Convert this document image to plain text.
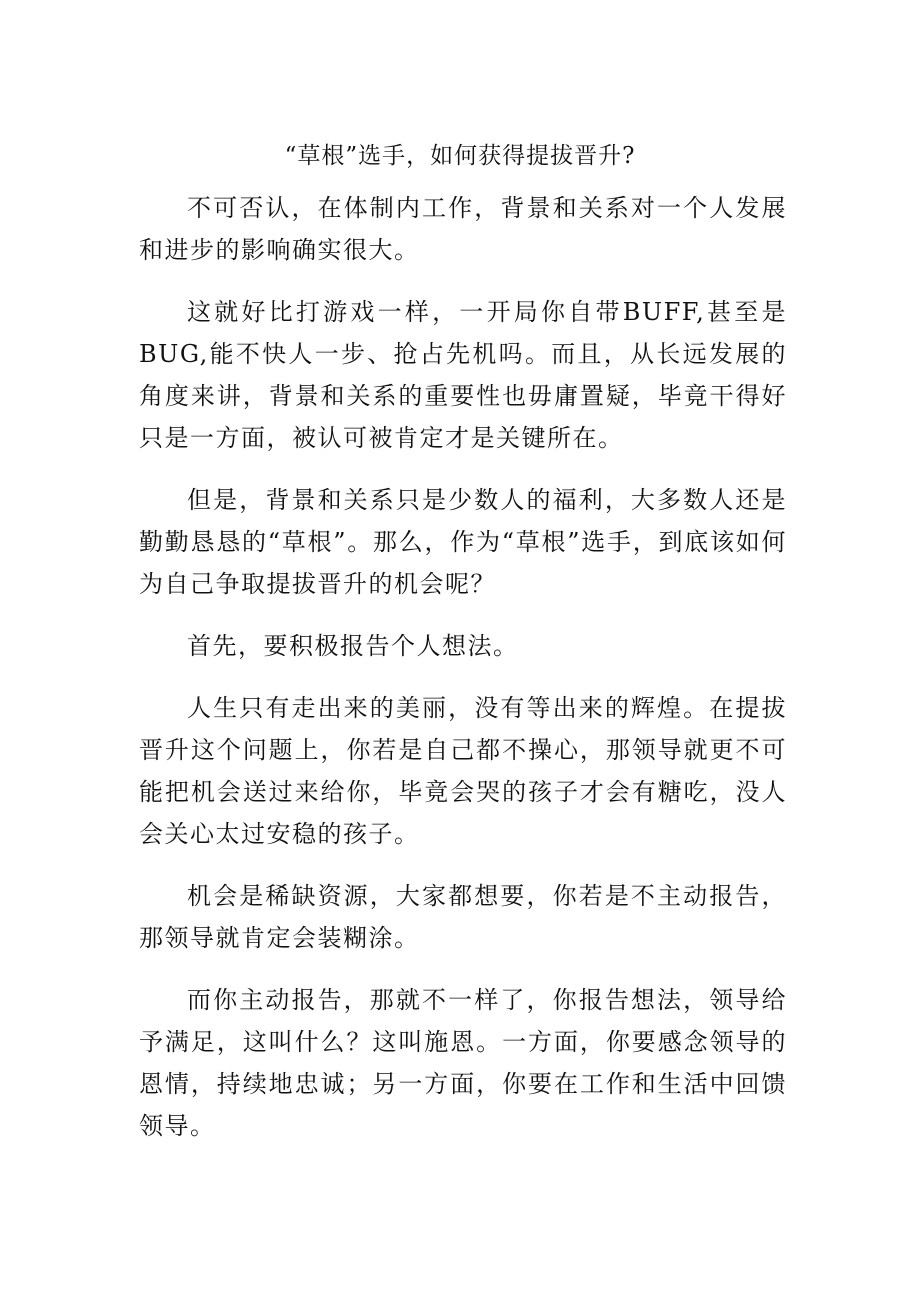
“草根”选手，如何获得提拔晋升?

不可否认，在体制内工作，背景和关系对一个人发展和进步的影响确实很大。

这就好比打游戏一样，一开局你自带BUFF,甚至是BUG,能不快人一步、抢占先机吗。而且，从长远发展的角度来讲，背景和关系的重要性也毋庸置疑，毕竟干得好只是一方面，被认可被肯定才是关键所在。

但是，背景和关系只是少数人的福利，大多数人还是勤勤恳恳的“草根”。那么，作为“草根”选手，到底该如何为自己争取提拔晋升的机会呢？

首先，要积极报告个人想法。

人生只有走出来的美丽，没有等出来的辉煌。在提拔晋升这个问题上，你若是自己都不操心，那领导就更不可能把机会送过来给你，毕竟会哭的孩子才会有糖吃，没人会关心太过安稳的孩子。

机会是稀缺资源，大家都想要，你若是不主动报告，那领导就肯定会装糊涂。

而你主动报告，那就不一样了，你报告想法，领导给予满足，这叫什么？这叫施恩。一方面，你要感念领导的恩情，持续地忠诚；另一方面，你要在工作和生活中回馈领导。
